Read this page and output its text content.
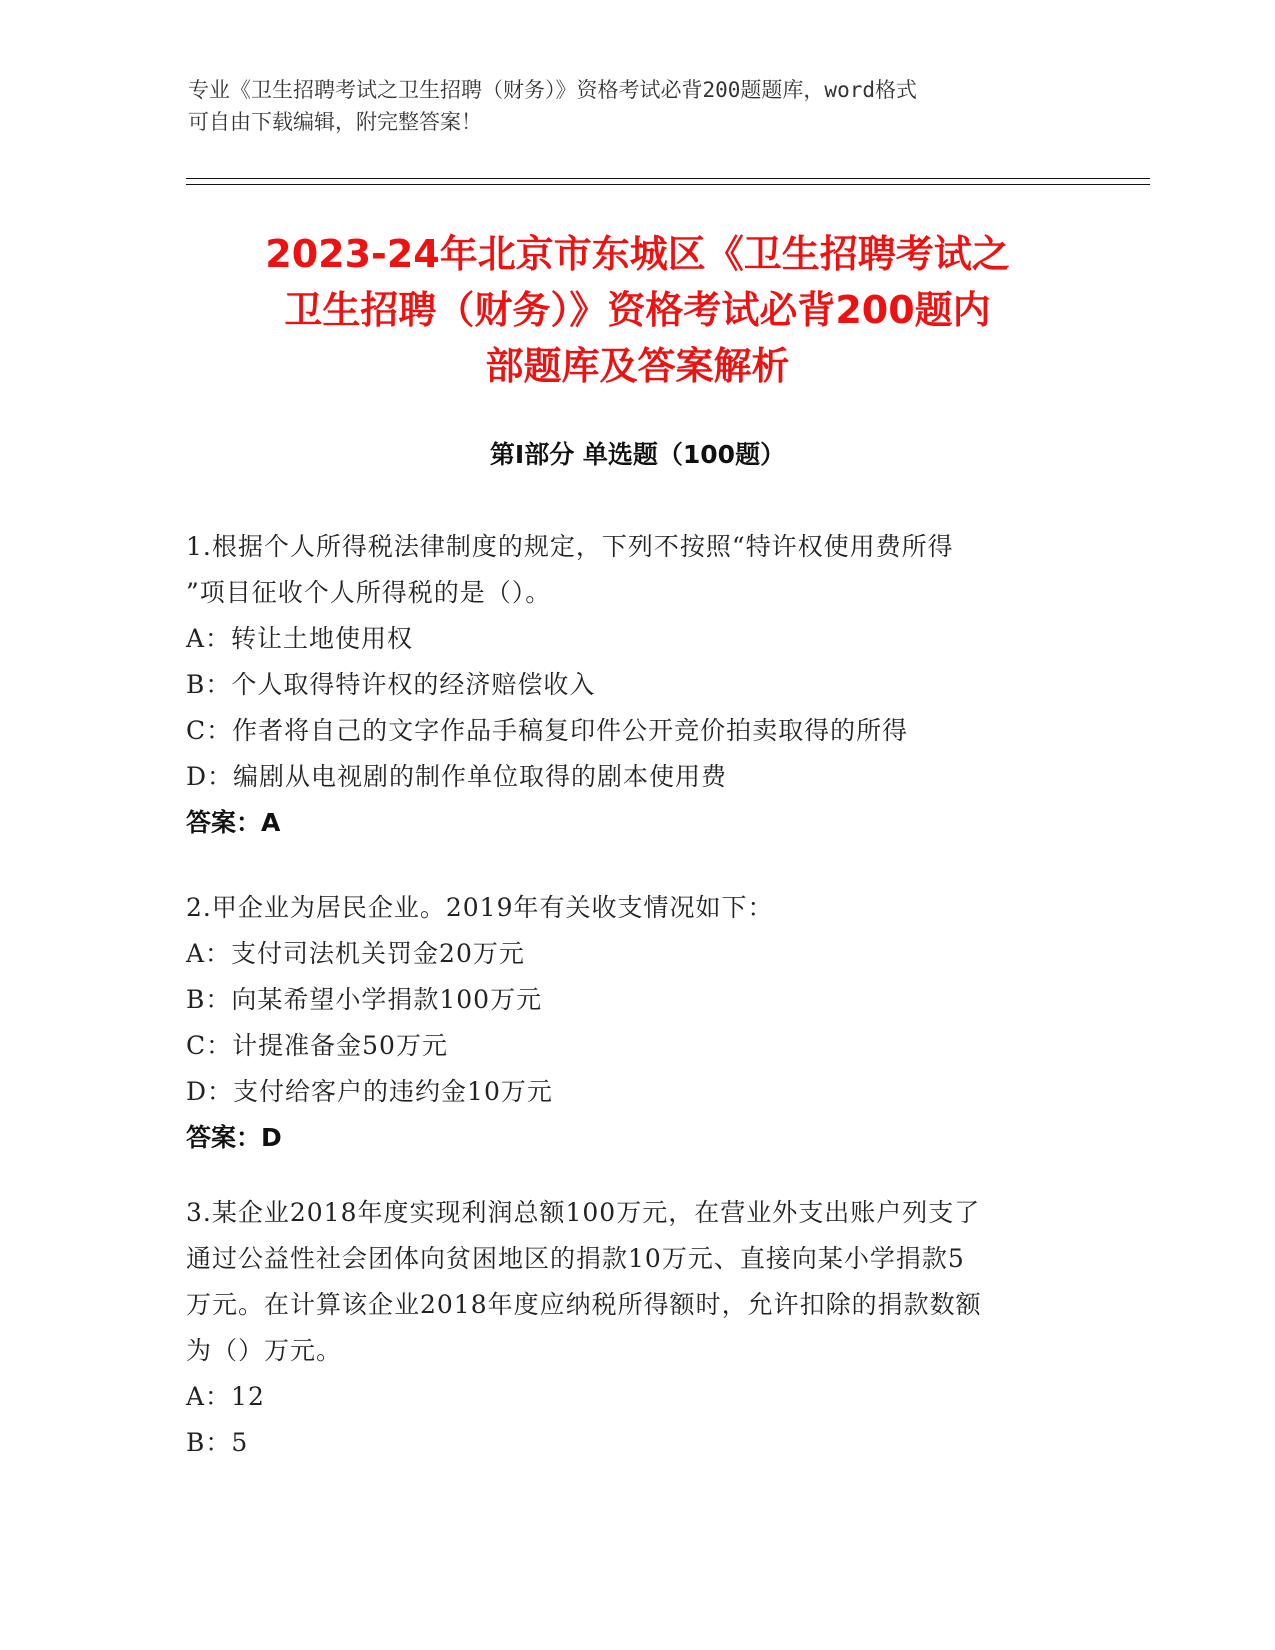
专业《卫生招聘考试之卫生招聘（财务）》资格考试必背200题题库，word格式
可自由下载编辑，附完整答案！
2023-24年北京市东城区《卫生招聘考试之
卫生招聘（财务）》资格考试必背200题内
部题库及答案解析
第Ⅰ部分 单选题（100题）
1.根据个人所得税法律制度的规定，下列不按照“特许权使用费所得
”项目征收个人所得税的是（）。
A：转让土地使用权
B：个人取得特许权的经济赔偿收入
C：作者将自己的文字作品手稿复印件公开竞价拍卖取得的所得
D：编剧从电视剧的制作单位取得的剧本使用费
答案：A
2.甲企业为居民企业。2019年有关收支情况如下：
A：支付司法机关罚金20万元
B：向某希望小学捐款100万元
C：计提准备金50万元
D：支付给客户的违约金10万元
答案：D
3.某企业2018年度实现利润总额100万元，在营业外支出账户列支了
通过公益性社会团体向贫困地区的捐款10万元、直接向某小学捐款5
万元。在计算该企业2018年度应纳税所得额时，允许扣除的捐款数额
为（）万元。
A：12
B：5
